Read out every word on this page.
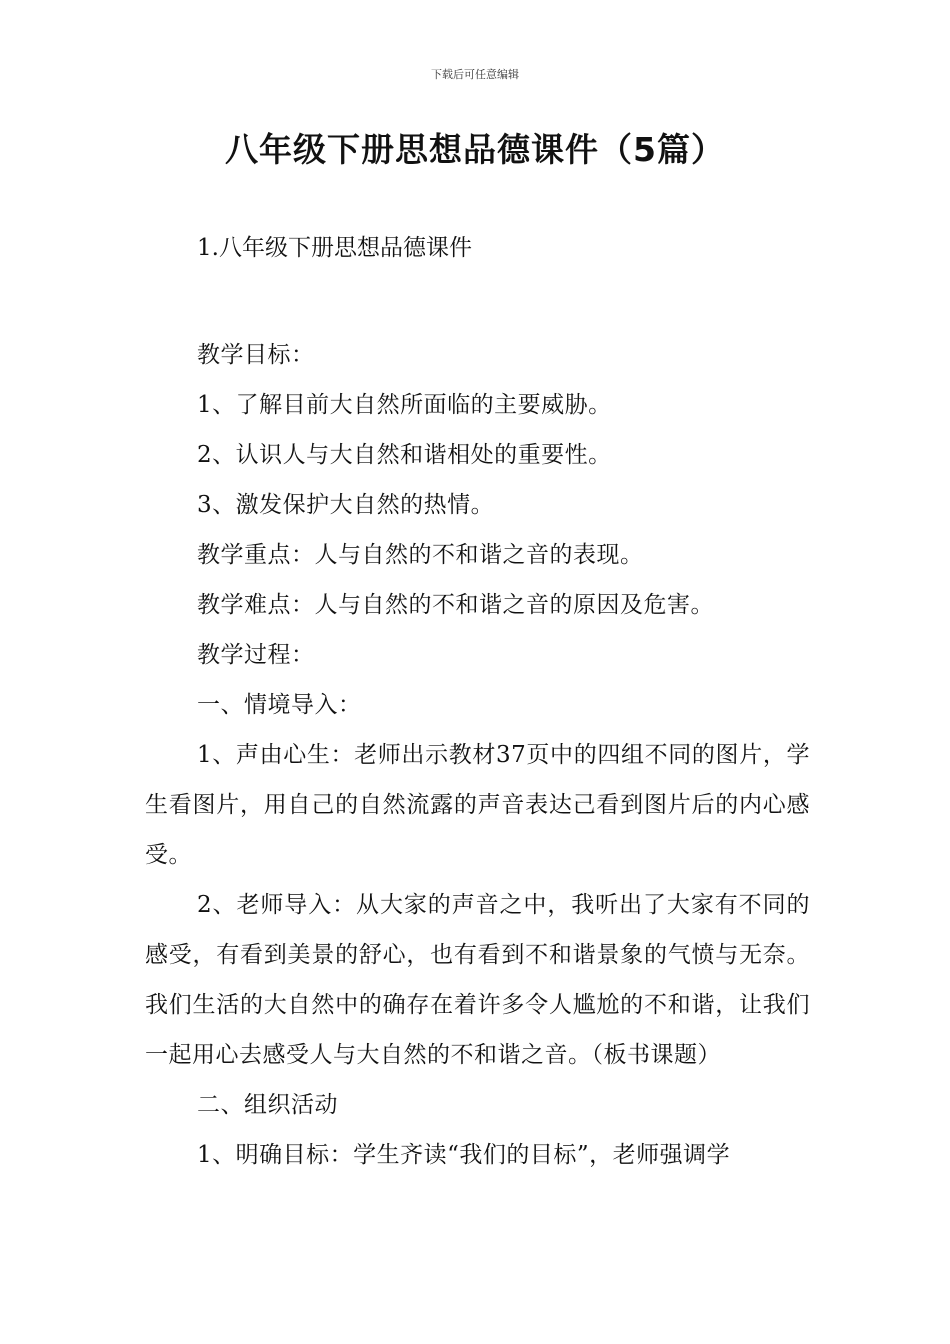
下载后可任意编辑
八年级下册思想品德课件（5篇）
1.八年级下册思想品德课件

教学目标：

1、了解目前大自然所面临的主要威胁。

2、认识人与大自然和谐相处的重要性。

3、激发保护大自然的热情。

教学重点：人与自然的不和谐之音的表现。

教学难点：人与自然的不和谐之音的原因及危害。

教学过程：

一、情境导入：

1、声由心生：老师出示教材37页中的四组不同的图片，学生看图片，用自己的自然流露的声音表达己看到图片后的内心感受。

2、老师导入：从大家的声音之中，我听出了大家有不同的感受，有看到美景的舒心，也有看到不和谐景象的气愤与无奈。我们生活的大自然中的确存在着许多令人尴尬的不和谐，让我们一起用心去感受人与大自然的不和谐之音。（板书课题）

二、组织活动

1、明确目标：学生齐读“我们的目标”，老师强调学
